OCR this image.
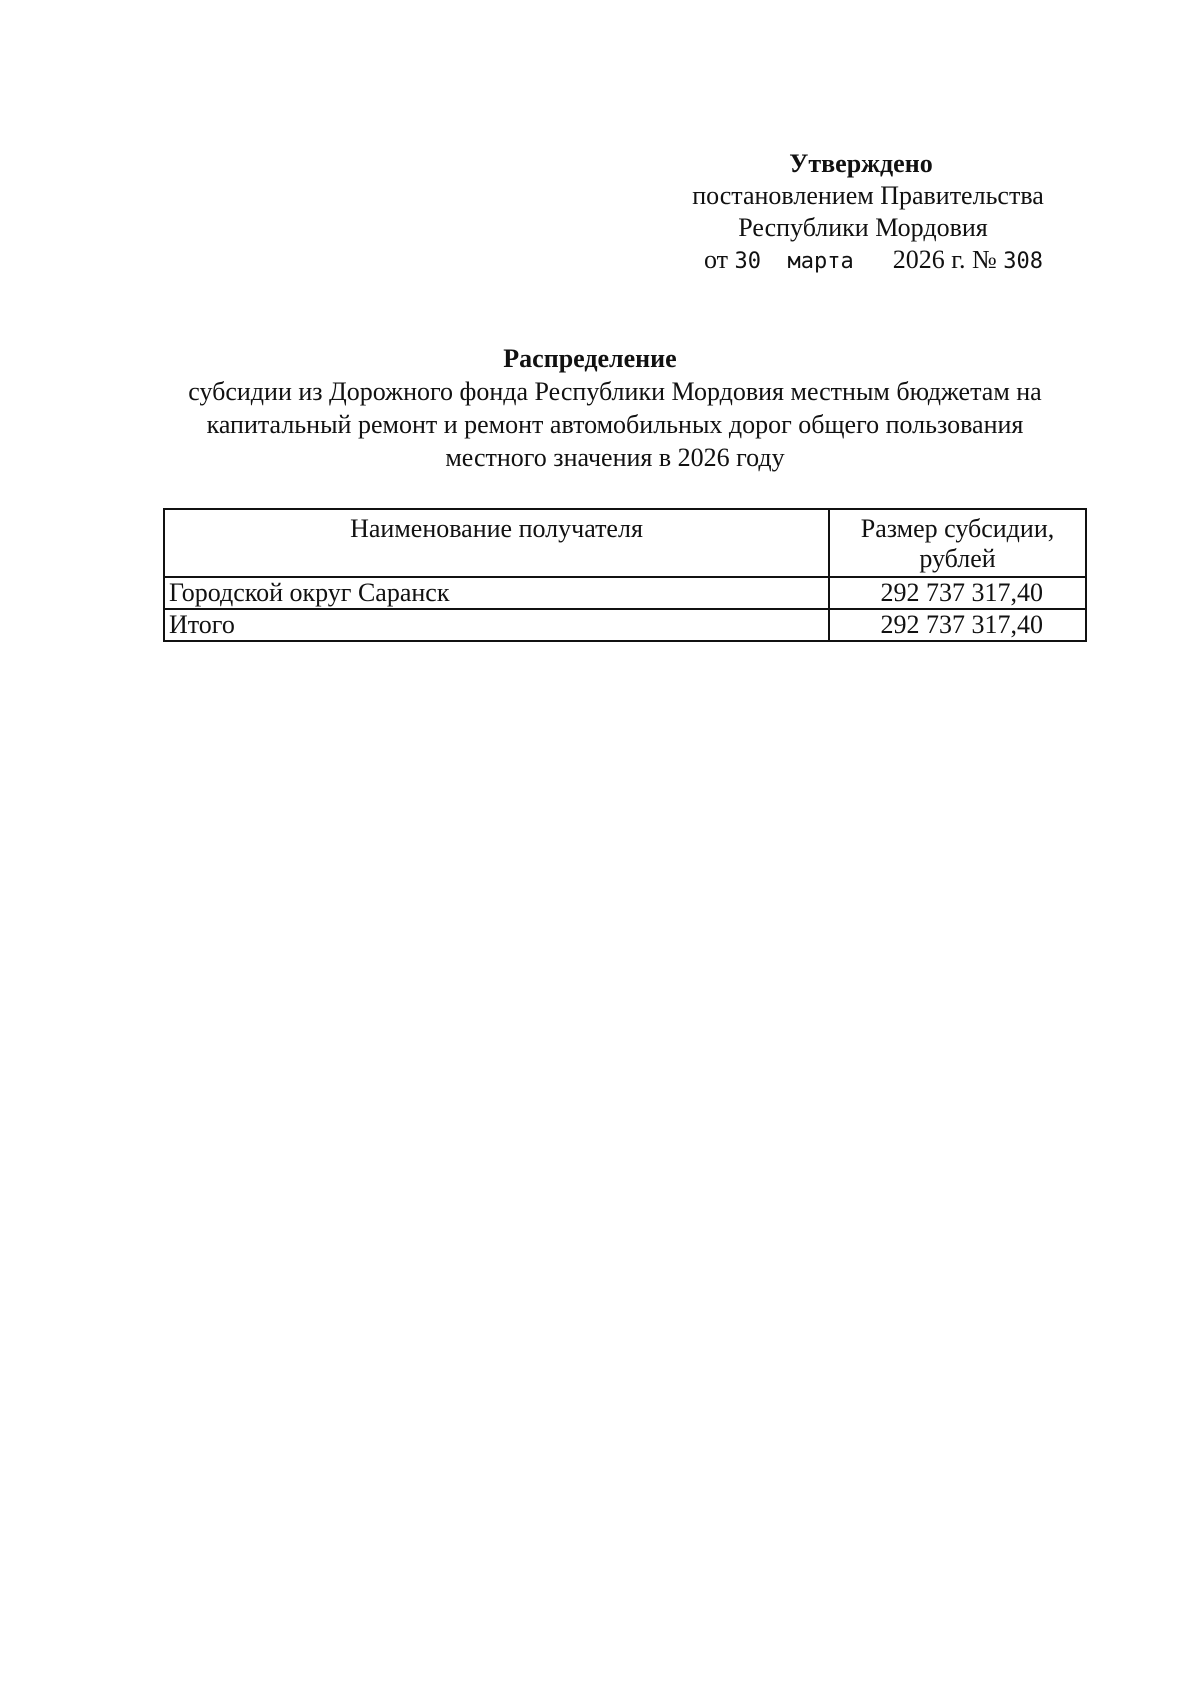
Утверждено
постановлением Правительства
Республики Мордовия
от 30  марта 2026 г. № 308
Распределение
субсидии из Дорожного фонда Республики Мордовия местным бюджетам на
капитальный ремонт и ремонт автомобильных дорог общего пользования
местного значения в 2026 году
Наименование получателя	Размер субсидии,
рублей

Городской округ Саранск	292 737 317,40
Итого	292 737 317,40
